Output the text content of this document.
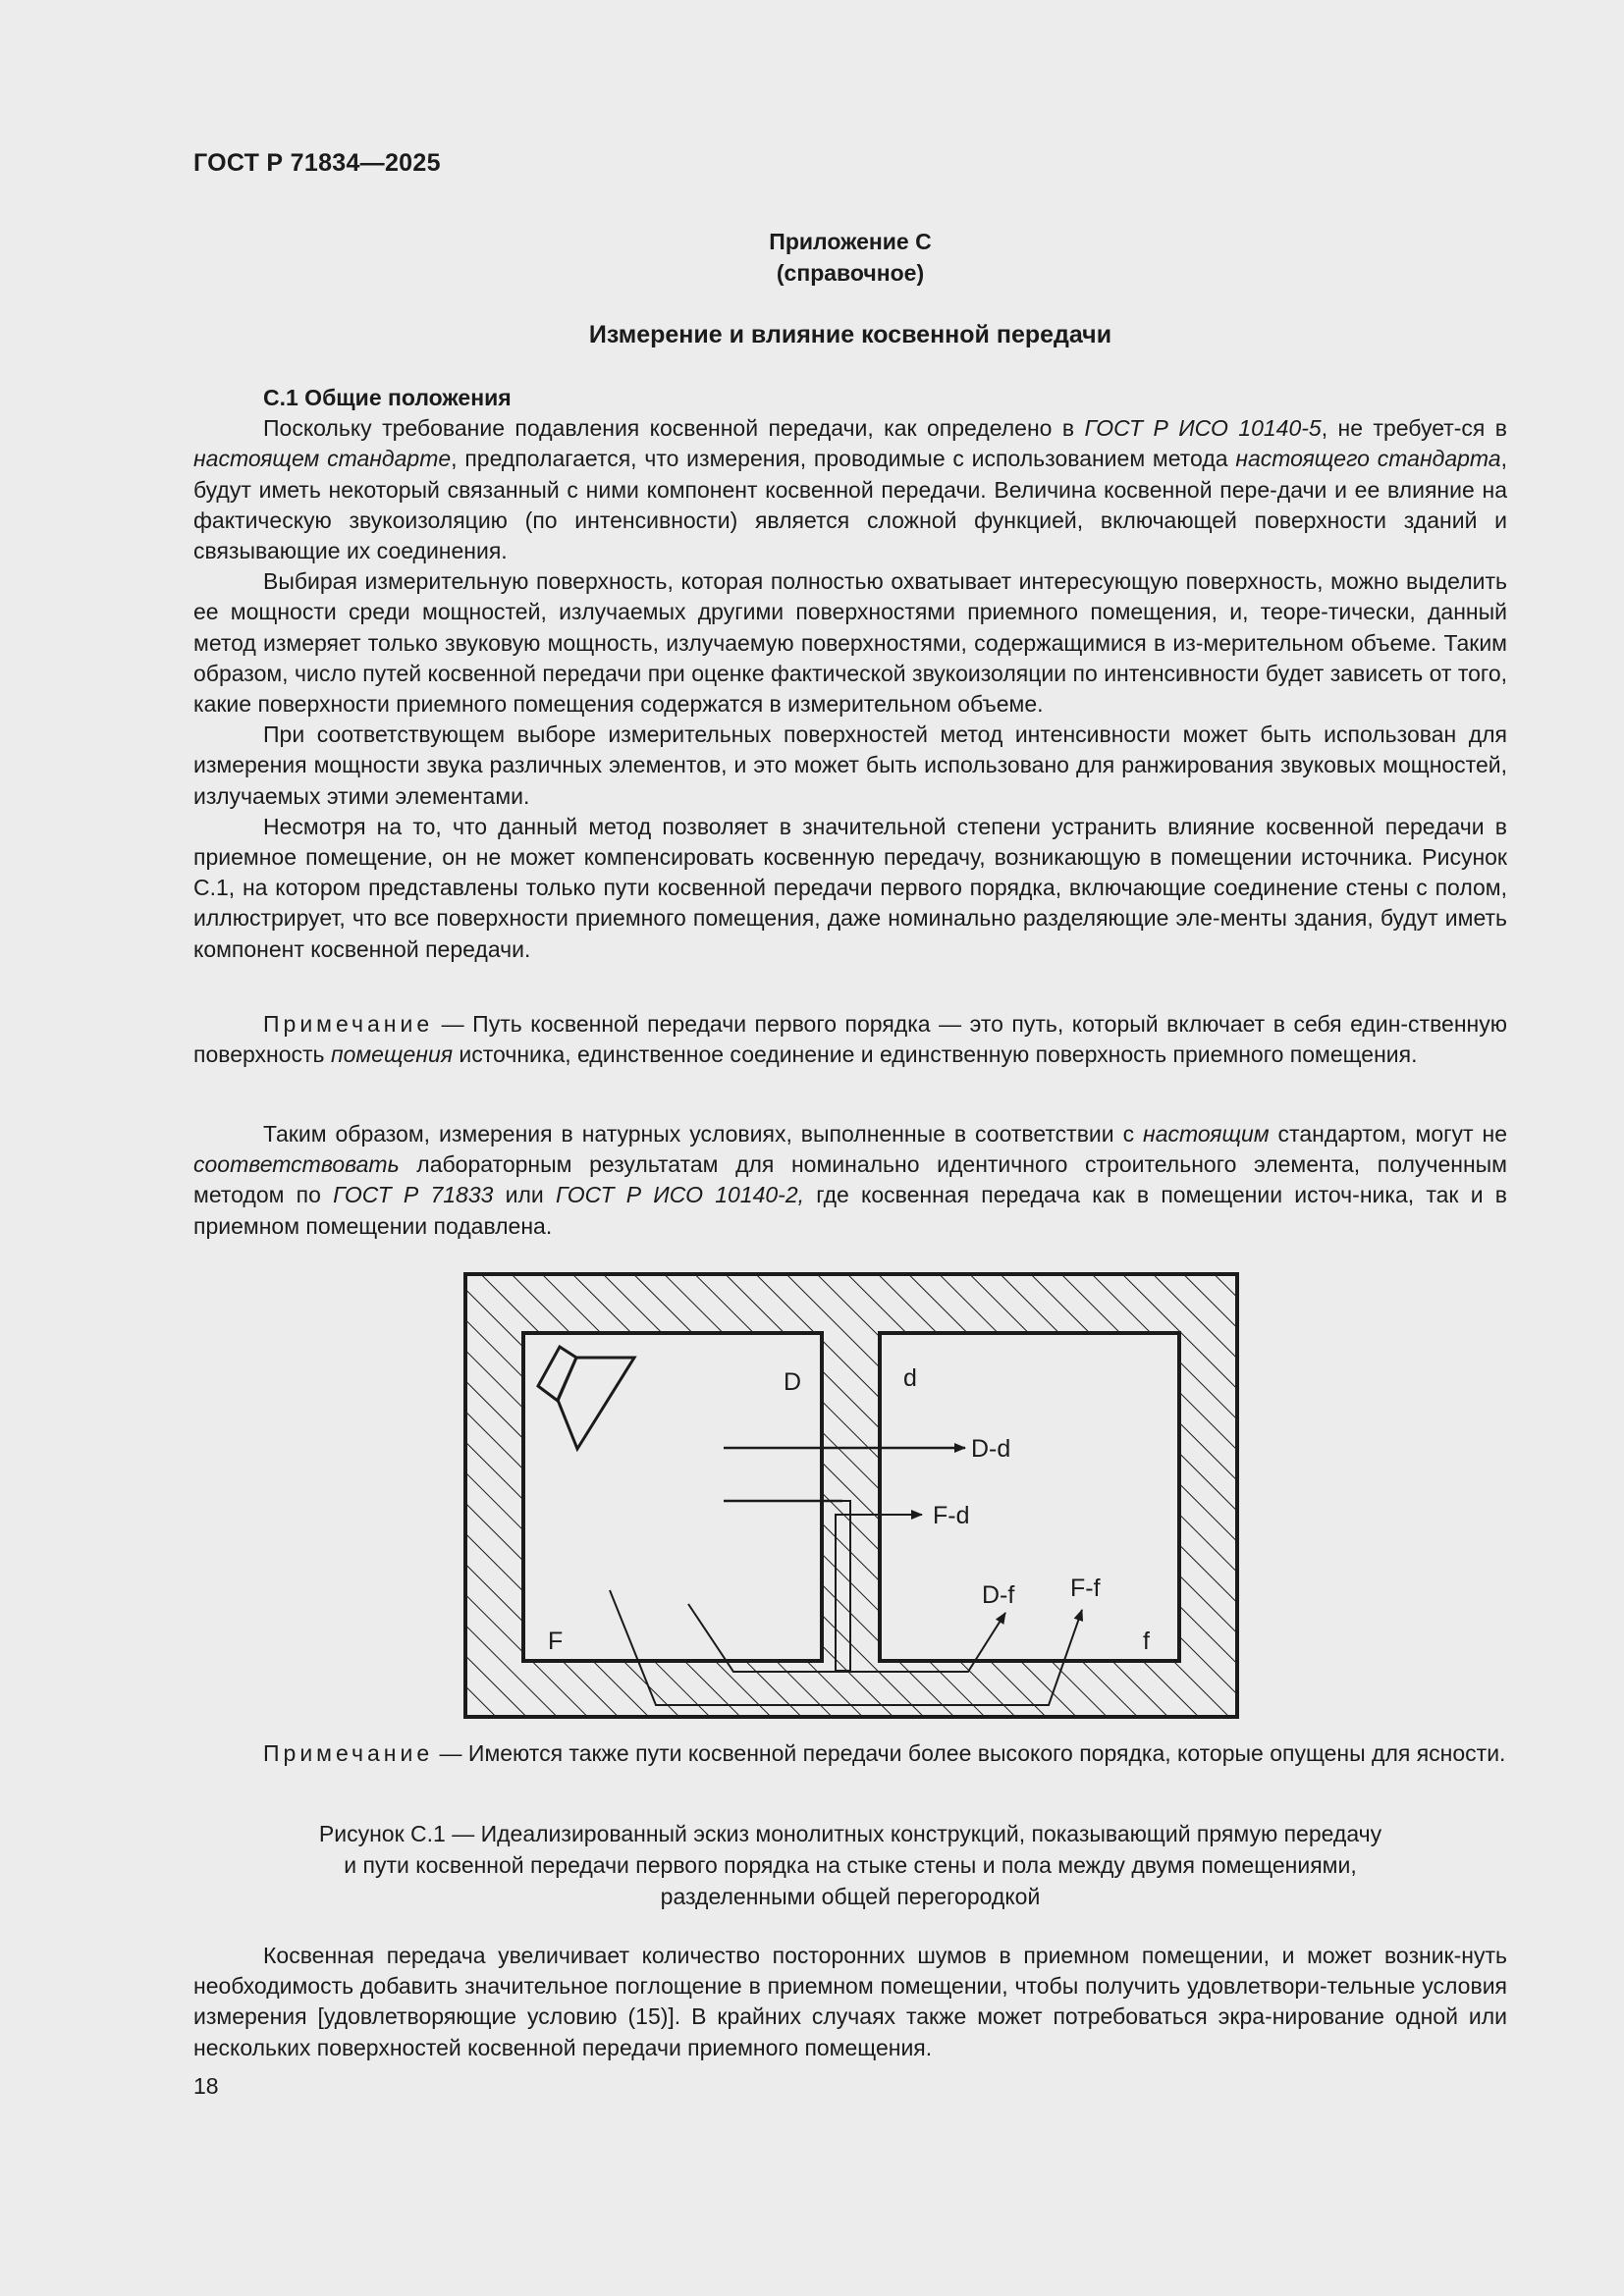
ГОСТ Р 71834—2025
Приложение С
(справочное)
Измерение и влияние косвенной передачи

С.1 Общие положения

Поскольку требование подавления косвенной передачи, как определено в ГОСТ Р ИСО 10140-5, не требует-ся в настоящем стандарте, предполагается, что измерения, проводимые с использованием метода настоящего стандарта, будут иметь некоторый связанный с ними компонент косвенной передачи. Величина косвенной пере-дачи и ее влияние на фактическую звукоизоляцию (по интенсивности) является сложной функцией, включающей поверхности зданий и связывающие их соединения.

Выбирая измерительную поверхность, которая полностью охватывает интересующую поверхность, можно выделить ее мощности среди мощностей, излучаемых другими поверхностями приемного помещения, и, теоре-тически, данный метод измеряет только звуковую мощность, излучаемую поверхностями, содержащимися в из-мерительном объеме. Таким образом, число путей косвенной передачи при оценке фактической звукоизоляции по интенсивности будет зависеть от того, какие поверхности приемного помещения содержатся в измерительном объеме.

При соответствующем выборе измерительных поверхностей метод интенсивности может быть использован для измерения мощности звука различных элементов, и это может быть использовано для ранжирования звуковых мощностей, излучаемых этими элементами.

Несмотря на то, что данный метод позволяет в значительной степени устранить влияние косвенной передачи в приемное помещение, он не может компенсировать косвенную передачу, возникающую в помещении источника. Рисунок С.1, на котором представлены только пути косвенной передачи первого порядка, включающие соединение стены с полом, иллюстрирует, что все поверхности приемного помещения, даже номинально разделяющие эле-менты здания, будут иметь компонент косвенной передачи.

Примечание — Путь косвенной передачи первого порядка — это путь, который включает в себя един-ственную поверхность помещения источника, единственное соединение и единственную поверхность приемного помещения.

Таким образом, измерения в натурных условиях, выполненные в соответствии с настоящим стандартом, могут не соответствовать лабораторным результатам для номинально идентичного строительного элемента, полученным методом по ГОСТ Р 71833 или ГОСТ Р ИСО 10140-2, где косвенная передача как в помещении источ-ника, так и в приемном помещении подавлена.

D	d
F	f
D-d
F-d
D-f F-f

Примечание — Имеются также пути косвенной передачи более высокого порядка, которые опущены для ясности.

Рисунок С.1 — Идеализированный эскиз монолитных конструкций, показывающий прямую передачу
и пути косвенной передачи первого порядка на стыке стены и пола между двумя помещениями,
разделенными общей перегородкой

Косвенная передача увеличивает количество посторонних шумов в приемном помещении, и может возник-нуть необходимость добавить значительное поглощение в приемном помещении, чтобы получить удовлетвори-тельные условия измерения [удовлетворяющие условию (15)]. В крайних случаях также может потребоваться экра-нирование одной или нескольких поверхностей косвенной передачи приемного помещения.

18
